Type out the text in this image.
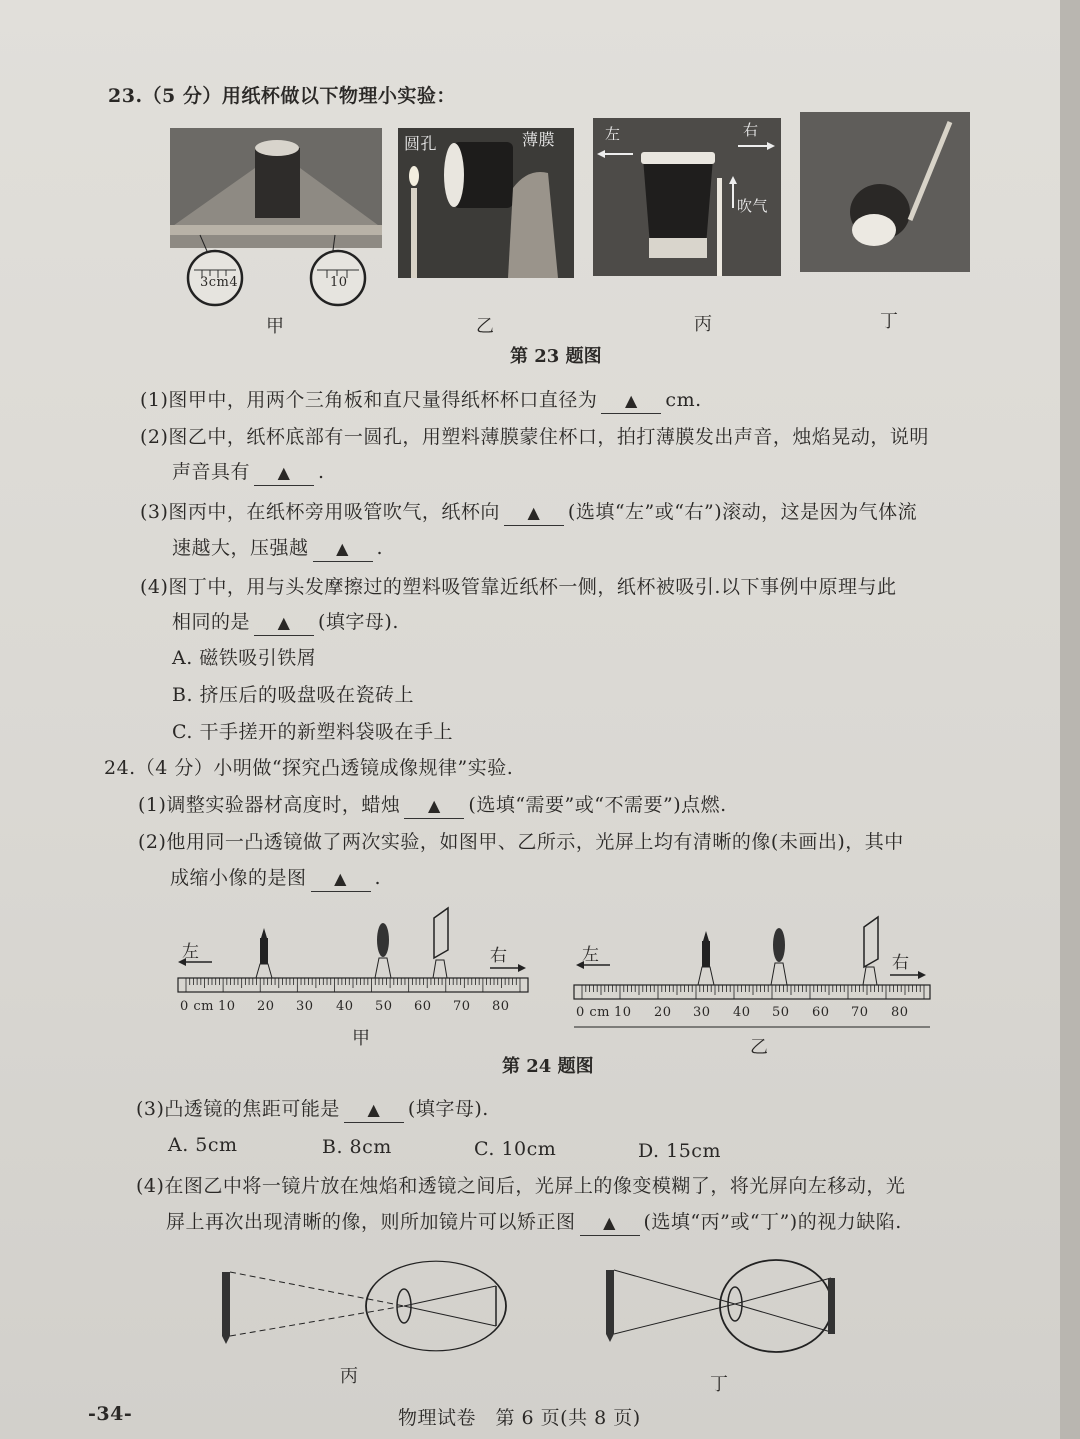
23.（5 分）用纸杯做以下物理小实验：
3cm4	10
圆孔	薄膜	左	右
吹气
甲	乙	丙	丁
第 23 题图
(1)图甲中，用两个三角板和直尺量得纸杯杯口直径为 ▲ cm.
(2)图乙中，纸杯底部有一圆孔，用塑料薄膜蒙住杯口，拍打薄膜发出声音，烛焰晃动，说明
声音具有 ▲ .
(3)图丙中，在纸杯旁用吸管吹气，纸杯向 ▲ (选填“左”或“右”)滚动，这是因为气体流
速越大，压强越 ▲ .
(4)图丁中，用与头发摩擦过的塑料吸管靠近纸杯一侧，纸杯被吸引.以下事例中原理与此
相同的是 ▲ (填字母).
A. 磁铁吸引铁屑
B. 挤压后的吸盘吸在瓷砖上
C. 干手搓开的新塑料袋吸在手上
24.（4 分）小明做“探究凸透镜成像规律”实验.
(1)调整实验器材高度时，蜡烛 ▲ (选填“需要”或“不需要”)点燃.
(2)他用同一凸透镜做了两次实验，如图甲、乙所示，光屏上均有清晰的像(未画出)，其中
成缩小像的是图 ▲ .
左	右
0 cm 10 20 30 40 50 60 70 80
甲
左	右
0 cm 10 20 30 40 50 60 70 80
乙
第 24 题图
(3)凸透镜的焦距可能是 ▲ (填字母).
A. 5cm	B. 8cm	C. 10cm	D. 15cm
(4)在图乙中将一镜片放在烛焰和透镜之间后，光屏上的像变模糊了，将光屏向左移动，光
屏上再次出现清晰的像，则所加镜片可以矫正图 ▲ (选填“丙”或“丁”)的视力缺陷.
丙	丁
-34-	物理试卷　第 6 页(共 8 页)
